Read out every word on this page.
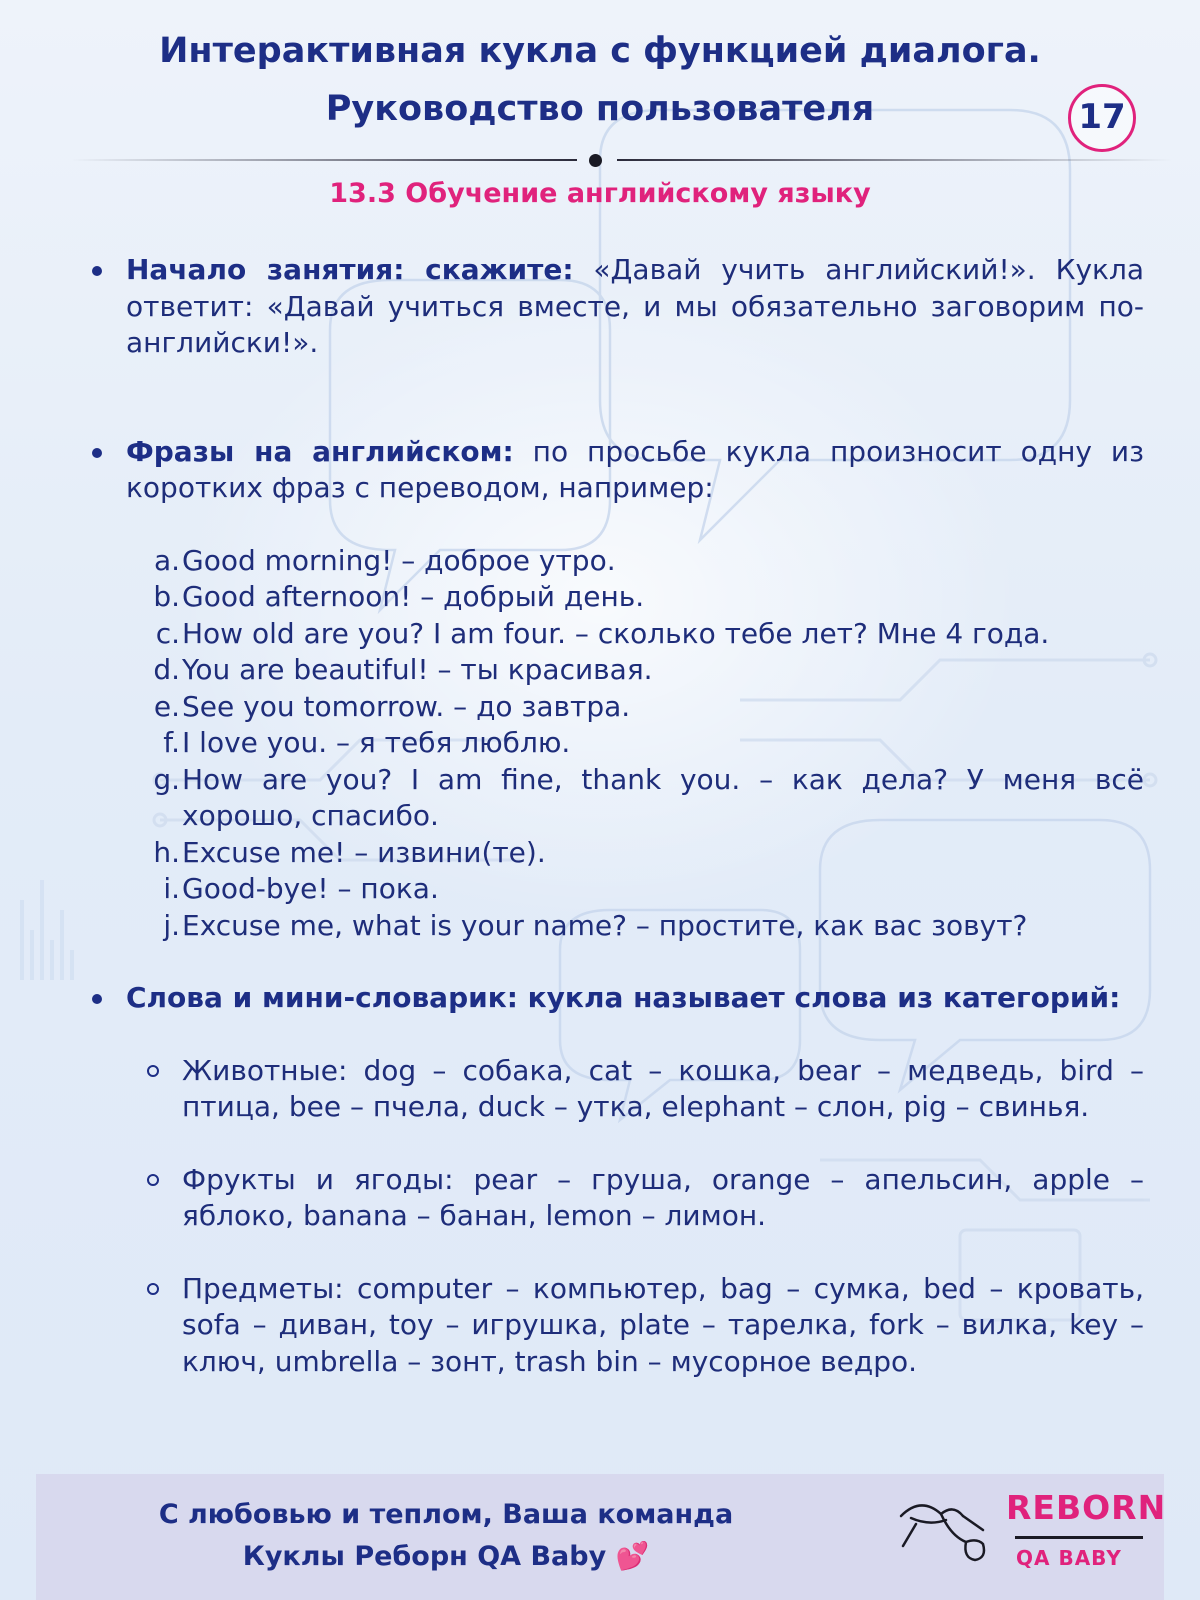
Интерактивная кукла с функцией диалога.
Руководство пользователя	17
13.3 Обучение английскому языку
Начало занятия: скажите: «Давай учить английский!». Кукла ответит: «Давай учиться вместе, и мы обязательно заговорим по-английски!».
Фразы на английском: по просьбе кукла произносит одну из коротких фраз с переводом, например:
a. Good morning! – доброе утро.
b. Good afternoon! – добрый день.
c. How old are you? I am four. – сколько тебе лет? Мне 4 года.
d. You are beautiful! – ты красивая.
e. See you tomorrow. – до завтра.
f. I love you. – я тебя люблю.
g. How are you? I am fine, thank you. – как дела? У меня всё хорошо, спасибо.
h. Excuse me! – извини(те).
i. Good-bye! – пока.
j. Excuse me, what is your name? – простите, как вас зовут?
Слова и мини-словарик: кукла называет слова из категорий:
Животные: dog – собака, cat – кошка, bear – медведь, bird – птица, bee – пчела, duck – утка, elephant – слон, pig – свинья.
Фрукты и ягоды: pear – груша, orange – апельсин, apple – яблоко, banana – банан, lemon – лимон.
Предметы: computer – компьютер, bag – сумка, bed – кровать, sofa – диван, toy – игрушка, plate – тарелка, fork – вилка, key – ключ, umbrella – зонт, trash bin – мусорное ведро.
С любовью и теплом, Ваша команда
Куклы Реборн QA Baby 💕
REBORN
QA BABY
